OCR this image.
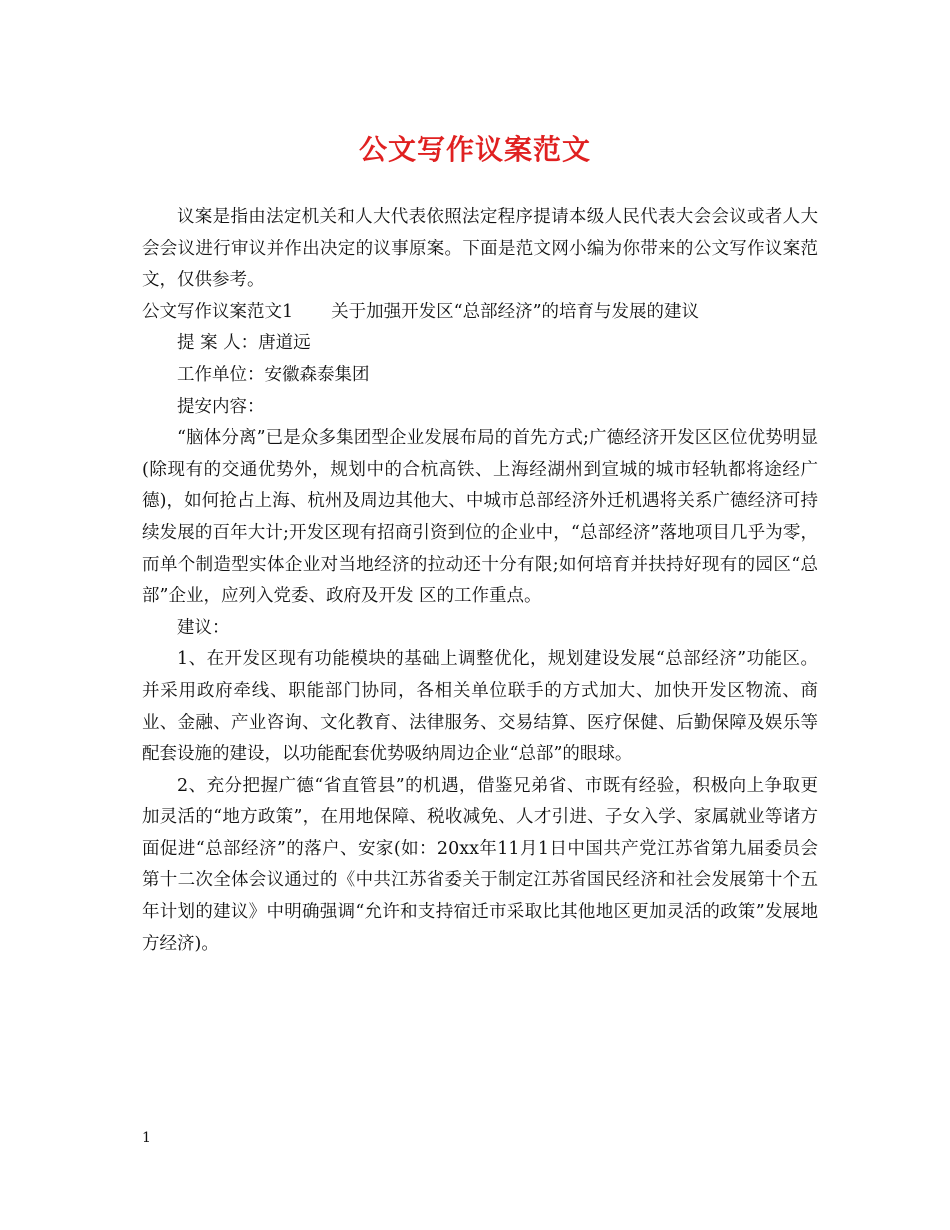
公文写作议案范文

议案是指由法定机关和人大代表依照法定程序提请本级人民代表大会会议或者人大会会议进行审议并作出决定的议事原案。下面是范文网小编为你带来的公文写作议案范文，仅供参考。

公文写作议案范文1 关于加强开发区“总部经济”的培育与发展的建议

提 案 人：唐道远

工作单位：安徽森泰集团

提安内容：

“脑体分离”已是众多集团型企业发展布局的首先方式;广德经济开发区区位优势明显(除现有的交通优势外，规划中的合杭高铁、上海经湖州到宣城的城市轻轨都将途经广德)，如何抢占上海、杭州及周边其他大、中城市总部经济外迁机遇将关系广德经济可持续发展的百年大计;开发区现有招商引资到位的企业中，“总部经济”落地项目几乎为零，而单个制造型实体企业对当地经济的拉动还十分有限;如何培育并扶持好现有的园区“总部”企业，应列入党委、政府及开发 区的工作重点。

建议：

1、在开发区现有功能模块的基础上调整优化，规划建设发展“总部经济”功能区。并采用政府牵线、职能部门协同，各相关单位联手的方式加大、加快开发区物流、商业、金融、产业咨询、文化教育、法律服务、交易结算、医疗保健、后勤保障及娱乐等配套设施的建设，以功能配套优势吸纳周边企业“总部”的眼球。

2、充分把握广德“省直管县”的机遇，借鉴兄弟省、市既有经验，积极向上争取更加灵活的“地方政策”，在用地保障、税收减免、人才引进、子女入学、家属就业等诸方面促进“总部经济”的落户、安家(如：20xx年11月1日中国共产党江苏省第九届委员会第十二次全体会议通过的《中共江苏省委关于制定江苏省国民经济和社会发展第十个五年计划的建议》中明确强调“允许和支持宿迁市采取比其他地区更加灵活的政策”发展地方经济)。

1
